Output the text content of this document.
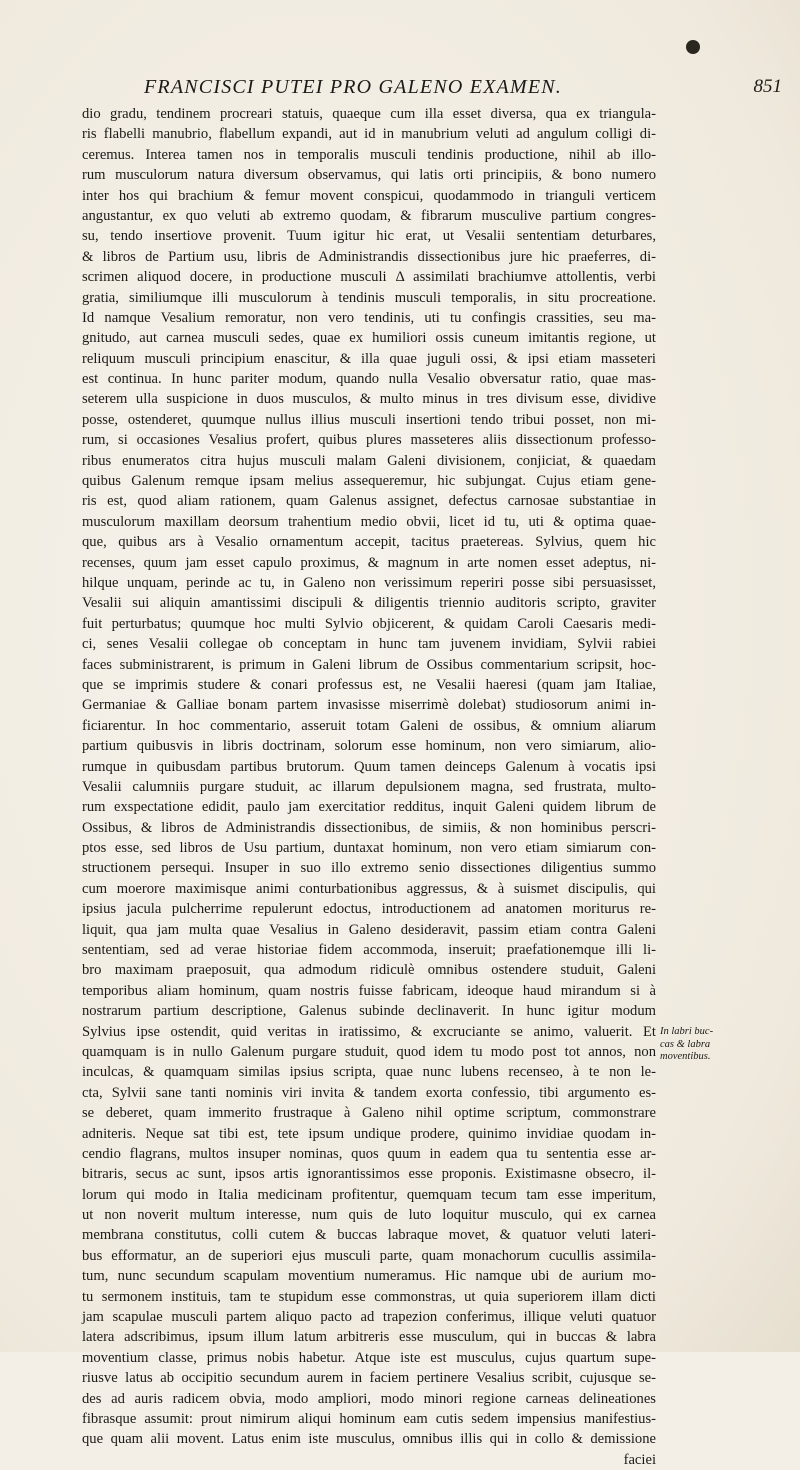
FRANCISCI PUTEI PRO GALENO EXAMEN.	851
dio gradu, tendinem procreari statuis, quaeque cum illa esset diversa, qua ex triangula-
ris flabelli manubrio, flabellum expandi, aut id in manubrium veluti ad angulum colligi di-
ceremus. Interea tamen nos in temporalis musculi tendinis productione, nihil ab illo-
rum musculorum natura diversum observamus, qui latis orti principiis, & bono numero
inter hos qui brachium & femur movent conspicui, quodammodo in trianguli verticem
angustantur, ex quo veluti ab extremo quodam, & fibrarum musculive partium congres-
su, tendo insertiove provenit. Tuum igitur hic erat, ut Vesalii sententiam deturbares,
& libros de Partium usu, libris de Administrandis dissectionibus jure hic praeferres, di-
scrimen aliquod docere, in productione musculi Δ assimilati brachiumve attollentis, verbi
gratia, similiumque illi musculorum à tendinis musculi temporalis, in situ procreatione.
Id namque Vesalium remoratur, non vero tendinis, uti tu confingis crassities, seu ma-
gnitudo, aut carnea musculi sedes, quae ex humiliori ossis cuneum imitantis regione, ut
reliquum musculi principium enascitur, & illa quae juguli ossi, & ipsi etiam masseteri
est continua. In hunc pariter modum, quando nulla Vesalio obversatur ratio, quae mas-
seterem ulla suspicione in duos musculos, & multo minus in tres divisum esse, dividive
posse, ostenderet, quumque nullus illius musculi insertioni tendo tribui posset, non mi-
rum, si occasiones Vesalius profert, quibus plures masseteres aliis dissectionum professo-
ribus enumeratos citra hujus musculi malam Galeni divisionem, conjiciat, & quaedam
quibus Galenum remque ipsam melius assequeremur, hic subjungat. Cujus etiam gene-
ris est, quod aliam rationem, quam Galenus assignet, defectus carnosae substantiae in
musculorum maxillam deorsum trahentium medio obvii, licet id tu, uti & optima quae-
que, quibus ars à Vesalio ornamentum accepit, tacitus praetereas. Sylvius, quem hic
recenses, quum jam esset capulo proximus, & magnum in arte nomen esset adeptus, ni-
hilque unquam, perinde ac tu, in Galeno non verissimum reperiri posse sibi persuasisset,
Vesalii sui aliquin amantissimi discipuli & diligentis triennio auditoris scripto, graviter
fuit perturbatus; quumque hoc multi Sylvio objicerent, & quidam Caroli Caesaris medi-
ci, senes Vesalii collegae ob conceptam in hunc tam juvenem invidiam, Sylvii rabiei
faces subministrarent, is primum in Galeni librum de Ossibus commentarium scripsit, hoc-
que se imprimis studere & conari professus est, ne Vesalii haeresi (quam jam Italiae,
Germaniae & Galliae bonam partem invasisse miserrimè dolebat) studiosorum animi in-
ficiarentur. In hoc commentario, asseruit totam Galeni de ossibus, & omnium aliarum
partium quibusvis in libris doctrinam, solorum esse hominum, non vero simiarum, alio-
rumque in quibusdam partibus brutorum. Quum tamen deinceps Galenum à vocatis ipsi
Vesalii calumniis purgare studuit, ac illarum depulsionem magna, sed frustrata, multo-
rum exspectatione edidit, paulo jam exercitatior redditus, inquit Galeni quidem librum de
Ossibus, & libros de Administrandis dissectionibus, de simiis, & non hominibus perscri-
ptos esse, sed libros de Usu partium, duntaxat hominum, non vero etiam simiarum con-
structionem persequi. Insuper in suo illo extremo senio dissectiones diligentius summo
cum moerore maximisque animi conturbationibus aggressus, & à suismet discipulis, qui
ipsius jacula pulcherrime repulerunt edoctus, introductionem ad anatomen moriturus re-
liquit, qua jam multa quae Vesalius in Galeno desideravit, passim etiam contra Galeni
sententiam, sed ad verae historiae fidem accommoda, inseruit; praefationemque illi li-
bro maximam praeposuit, qua admodum ridiculè omnibus ostendere studuit, Galeni
temporibus aliam hominum, quam nostris fuisse fabricam, ideoque haud mirandum si à
nostrarum partium descriptione, Galenus subinde declinaverit. In hunc igitur modum
Sylvius ipse ostendit, quid veritas in iratissimo, & excruciante se animo, valuerit. Et
quamquam is in nullo Galenum purgare studuit, quod idem tu modo post tot annos, non
inculcas, & quamquam similas ipsius scripta, quae nunc lubens recenseo, à te non le-
cta, Sylvii sane tanti nominis viri invita & tandem exorta confessio, tibi argumento es-
se deberet, quam immerito frustraque à Galeno nihil optime scriptum, commonstrare
adniteris. Neque sat tibi est, tete ipsum undique prodere, quinimo invidiae quodam in-
cendio flagrans, multos insuper nominas, quos quum in eadem qua tu sententia esse ar-
bitraris, secus ac sunt, ipsos artis ignorantissimos esse proponis. Existimasne obsecro, il-
lorum qui modo in Italia medicinam profitentur, quemquam tecum tam esse imperitum,
ut non noverit multum interesse, num quis de luto loquitur musculo, qui ex carnea
membrana constitutus, colli cutem & buccas labraque movet, & quatuor veluti lateri-
bus efformatur, an de superiori ejus musculi parte, quam monachorum cucullis assimila-
tum, nunc secundum scapulam moventium numeramus. Hic namque ubi de aurium mo-
tu sermonem instituis, tam te stupidum esse commonstras, ut quia superiorem illam dicti
jam scapulae musculi partem aliquo pacto ad trapezion conferimus, illique veluti quatuor
latera adscribimus, ipsum illum latum arbitreris esse musculum, qui in buccas & labra
moventium classe, primus nobis habetur. Atque iste est musculus, cujus quartum supe-
riusve latus ab occipitio secundum aurem in faciem pertinere Vesalius scribit, cujusque se-
des ad auris radicem obvia, modo ampliori, modo minori regione carneas delineationes
fibrasque assumit: prout nimirum aliqui hominum eam cutis sedem impensius manifestius-
que quam alii movent. Latus enim iste musculus, omnibus illis qui in collo & demissione
faciei
In labri buc-
cas & labra
moventibus.
